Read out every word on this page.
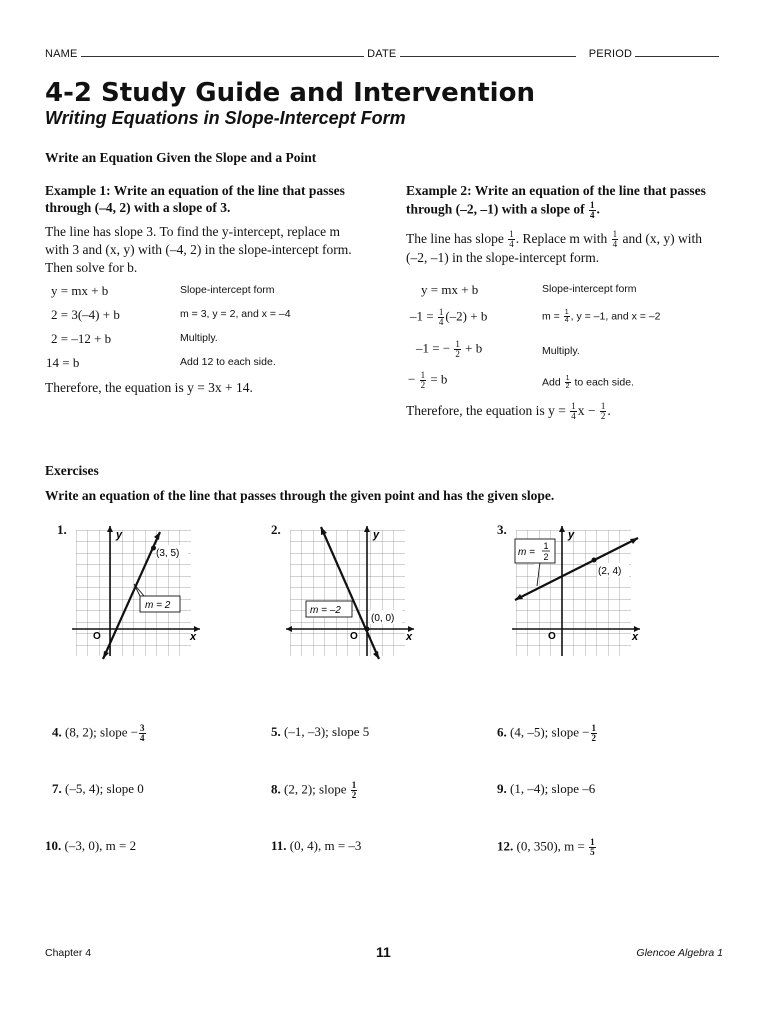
NAME	DATE	PERIOD
4-2 Study Guide and Intervention
Writing Equations in Slope-Intercept Form
Write an Equation Given the Slope and a Point
Example 1: Write an equation of the line that passes
through (–4, 2) with a slope of 3.
The line has slope 3. To find the y-intercept, replace m with 3 and (x, y) with (–4, 2) in the slope-intercept form. Then solve for b.
y = mx + b	Slope-intercept form
2 = 3(–4) + b	m = 3, y = 2, and x = –4
2 = –12 + b	Multiply.
14 = b	Add 12 to each side.
Therefore, the equation is y = 3x + 14.
Example 2: Write an equation of the line that passes
through (–2, –1) with a slope of $\frac{1}{4}$ .
The line has slope $\frac{1}{4}$ . Replace m with $\frac{1}{4}$ and (x, y) with
(–2, –1) in the slope-intercept form.
y = mx + b	Slope-intercept form
$-1 = \frac{1}{4} (-2) + b$	$m = \frac{1}{4}$ , y = –1, and x = –2
–1 = − $\frac{1}{2} + b$	Multiply.
− $\frac{1}{2} = b$	Add $\frac{1}{2}$ to each side.
Therefore, the equation is $y = \frac{1}{4}$ $x - \frac{1}{2}$ .
Exercises
Write an equation of the line that passes through the given point and has the given slope.
1.	y
x
O
(3, 5)
m = 2
2.	y
x
O
(0, 0)
m = –2
3.	y
x
O
(2, 4)
m =
1
2
4. (8, 2); slope − $\frac{3}{4}$	5. (–1, –3); slope 5	6. (4, –5); slope − $\frac{1}{2}$
7. (–5, 4); slope 0	8. (2, 2); slope $\frac{1}{2}$	9. (1, –4); slope –6
10. (–3, 0), m = 2	11. (0, 4), m = –3	12. (0, 350), $m = \frac{1}{5}$
Chapter 4	11	Glencoe Algebra 1
